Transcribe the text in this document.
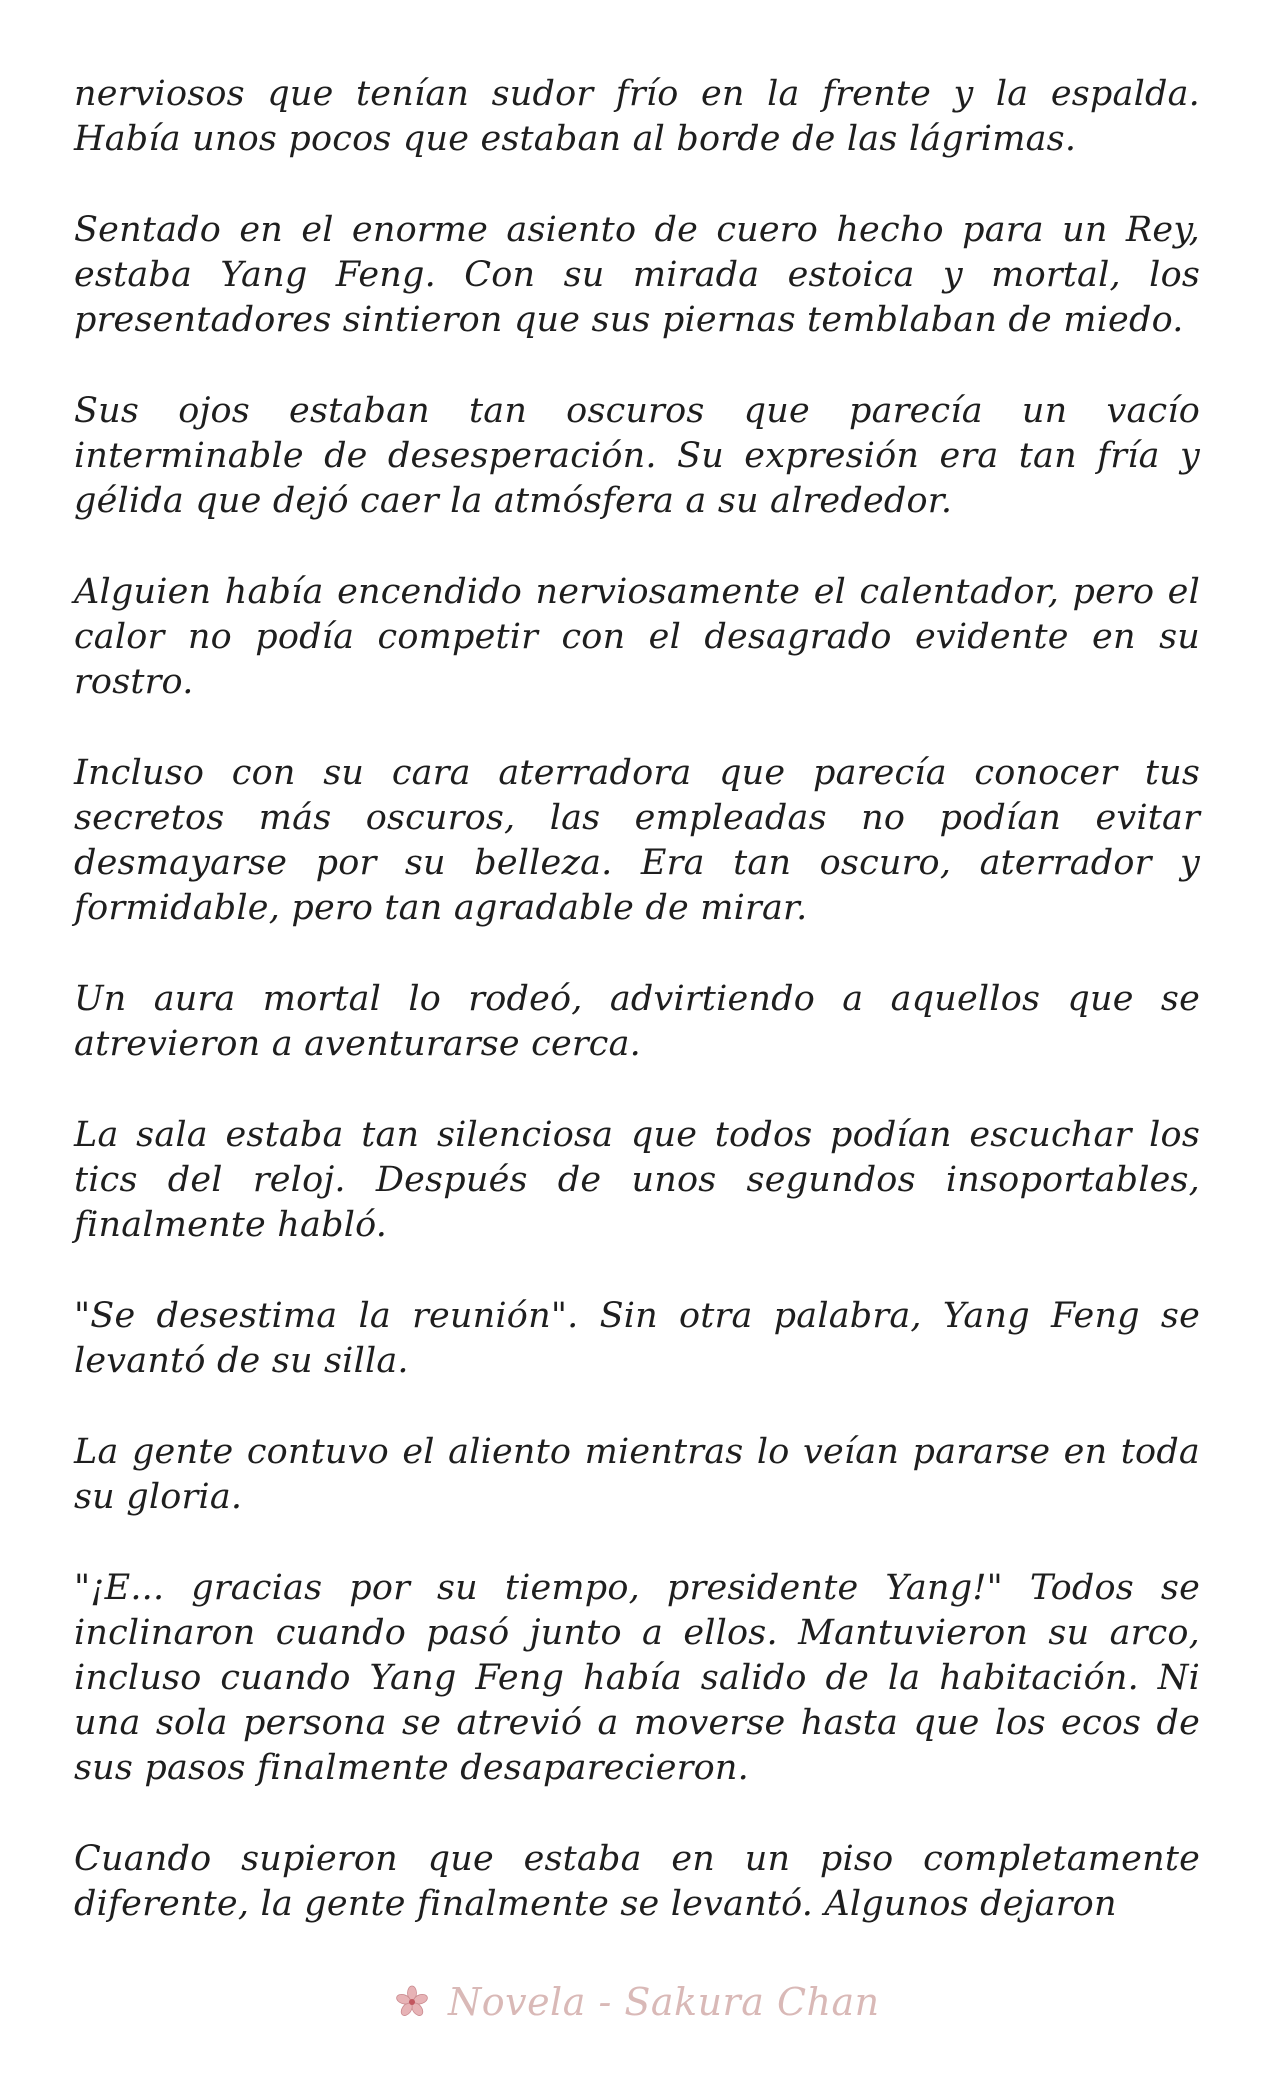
nerviosos que tenían sudor frío en la frente y la espalda. Había unos pocos que estaban al borde de las lágrimas.

Sentado en el enorme asiento de cuero hecho para un Rey, estaba Yang Feng. Con su mirada estoica y mortal, los presentadores sintieron que sus piernas temblaban de miedo.

Sus ojos estaban tan oscuros que parecía un vacío interminable de desesperación. Su expresión era tan fría y gélida que dejó caer la atmósfera a su alrededor.

Alguien había encendido nerviosamente el calentador, pero el calor no podía competir con el desagrado evidente en su rostro.

Incluso con su cara aterradora que parecía conocer tus secretos más oscuros, las empleadas no podían evitar desmayarse por su belleza. Era tan oscuro, aterrador y formidable, pero tan agradable de mirar.

Un aura mortal lo rodeó, advirtiendo a aquellos que se atrevieron a aventurarse cerca.

La sala estaba tan silenciosa que todos podían escuchar los tics del reloj. Después de unos segundos insoportables, finalmente habló.

"Se desestima la reunión". Sin otra palabra, Yang Feng se levantó de su silla.

La gente contuvo el aliento mientras lo veían pararse en toda su gloria.

"¡E... gracias por su tiempo, presidente Yang!" Todos se inclinaron cuando pasó junto a ellos. Mantuvieron su arco, incluso cuando Yang Feng había salido de la habitación. Ni una sola persona se atrevió a moverse hasta que los ecos de sus pasos finalmente desaparecieron.

Cuando supieron que estaba en un piso completamente diferente, la gente finalmente se levantó. Algunos dejaron

Novela - Sakura Chan
